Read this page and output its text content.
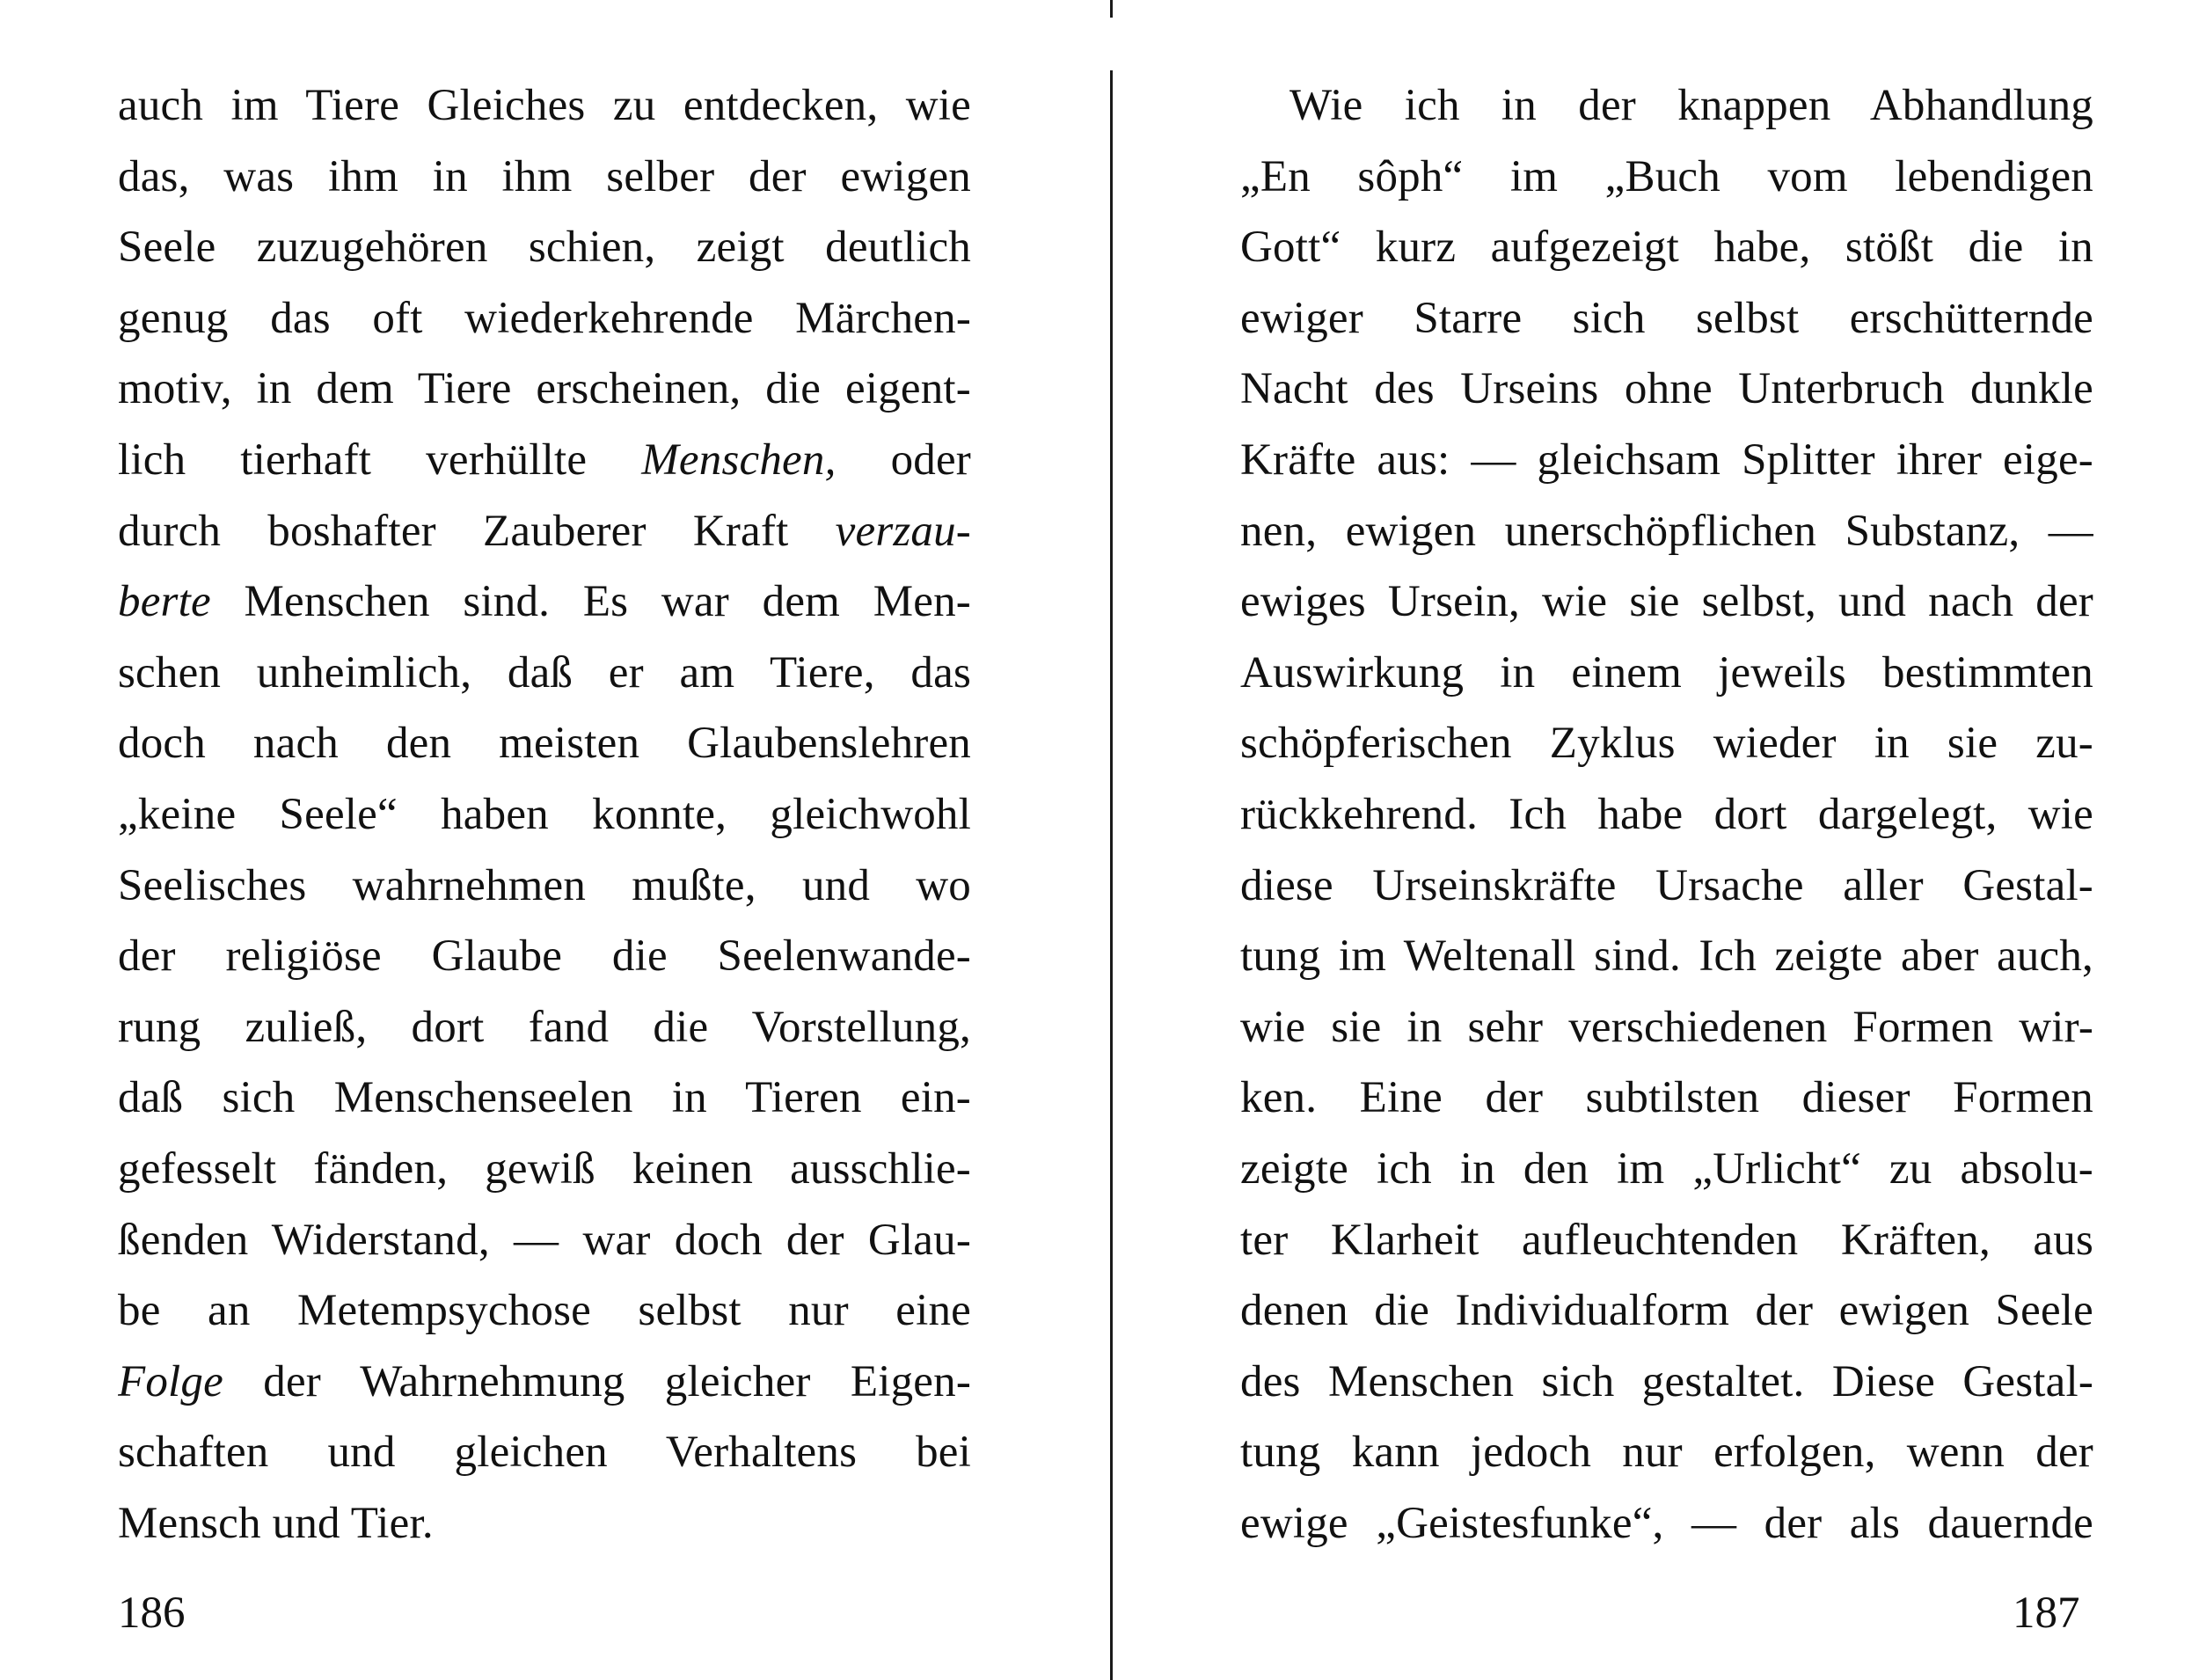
auch im Tiere Gleiches zu entdecken, wie
das, was ihm in ihm selber der ewigen
Seele zuzugehören schien, zeigt deutlich
genug das oft wiederkehrende Märchen-
motiv, in dem Tiere erscheinen, die eigent-
lich tierhaft verhüllte Menschen, oder
durch boshafter Zauberer Kraft verzau-
berte Menschen sind. Es war dem Men-
schen unheimlich, daß er am Tiere, das
doch nach den meisten Glaubenslehren
„keine Seele“ haben konnte, gleichwohl
Seelisches wahrnehmen mußte, und wo
der religiöse Glaube die Seelenwande-
rung zuließ, dort fand die Vorstellung,
daß sich Menschenseelen in Tieren ein-
gefesselt fänden, gewiß keinen ausschlie-
ßenden Widerstand, — war doch der Glau-
be an Metempsychose selbst nur eine
Folge der Wahrnehmung gleicher Eigen-
schaften und gleichen Verhaltens bei
Mensch und Tier.
186
Wie ich in der knappen Abhandlung
„En sôph“ im „Buch vom lebendigen
Gott“ kurz aufgezeigt habe, stößt die in
ewiger Starre sich selbst erschütternde
Nacht des Urseins ohne Unterbruch dunkle
Kräfte aus: — gleichsam Splitter ihrer eige-
nen, ewigen unerschöpflichen Substanz, —
ewiges Ursein, wie sie selbst, und nach der
Auswirkung in einem jeweils bestimmten
schöpferischen Zyklus wieder in sie zu-
rückkehrend. Ich habe dort dargelegt, wie
diese Urseinskräfte Ursache aller Gestal-
tung im Weltenall sind. Ich zeigte aber auch,
wie sie in sehr verschiedenen Formen wir-
ken. Eine der subtilsten dieser Formen
zeigte ich in den im „Urlicht“ zu absolu-
ter Klarheit aufleuchtenden Kräften, aus
denen die Individualform der ewigen Seele
des Menschen sich gestaltet. Diese Gestal-
tung kann jedoch nur erfolgen, wenn der
ewige „Geistesfunke“, — der als dauernde
187
